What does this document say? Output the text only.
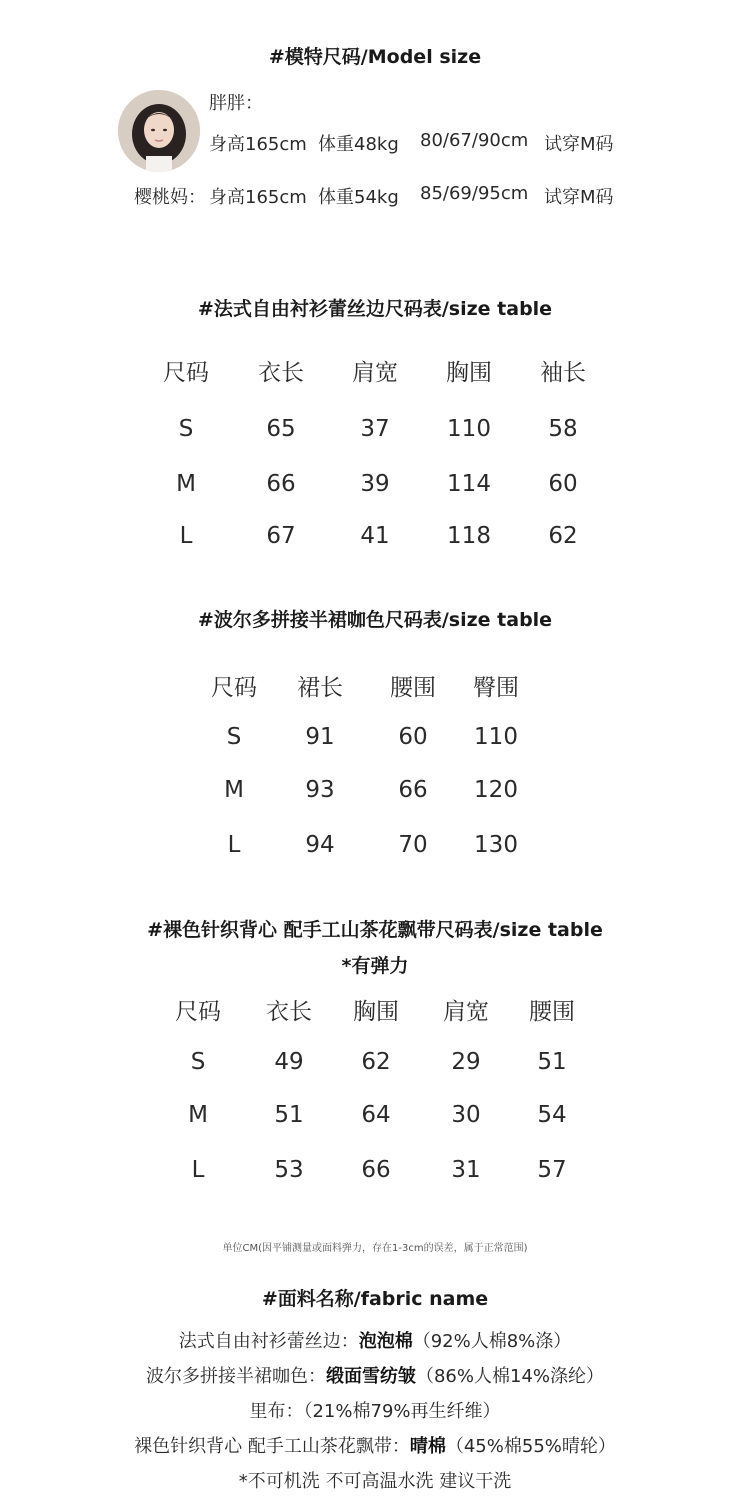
#模特尺码/Model size
胖胖：
身高165cm 体重48kg 80/67/90cm 试穿M码
樱桃妈： 身高165cm 体重54kg 85/69/95cm 试穿M码
#法式自由衬衫蕾丝边尺码表/size table
尺码	衣长	肩宽	胸围	袖长
S	65	37	110	58
M	66	39	114	60
L	67	41	118	62
#波尔多拼接半裙咖色尺码表/size table
尺码	裙长	腰围	臀围
S	91	60	110
M	93	66	120
L	94	70	130
#裸色针织背心 配手工山茶花飘带尺码表/size table
*有弹力
尺码	衣长	胸围	肩宽	腰围
S	49	62	29	51
M	51	64	30	54
L	53	66	31	57
单位CM(因平铺测量或面料弹力，存在1-3cm的误差，属于正常范围)
#面料名称/fabric name
法式自由衬衫蕾丝边：泡泡棉（92%人棉8%涤）
波尔多拼接半裙咖色：缎面雪纺皱（86%人棉14%涤纶）
里布：（21%棉79%再生纤维）
裸色针织背心 配手工山茶花飘带：晴棉（45%棉55%晴轮）
*不可机洗 不可高温水洗 建议干洗
